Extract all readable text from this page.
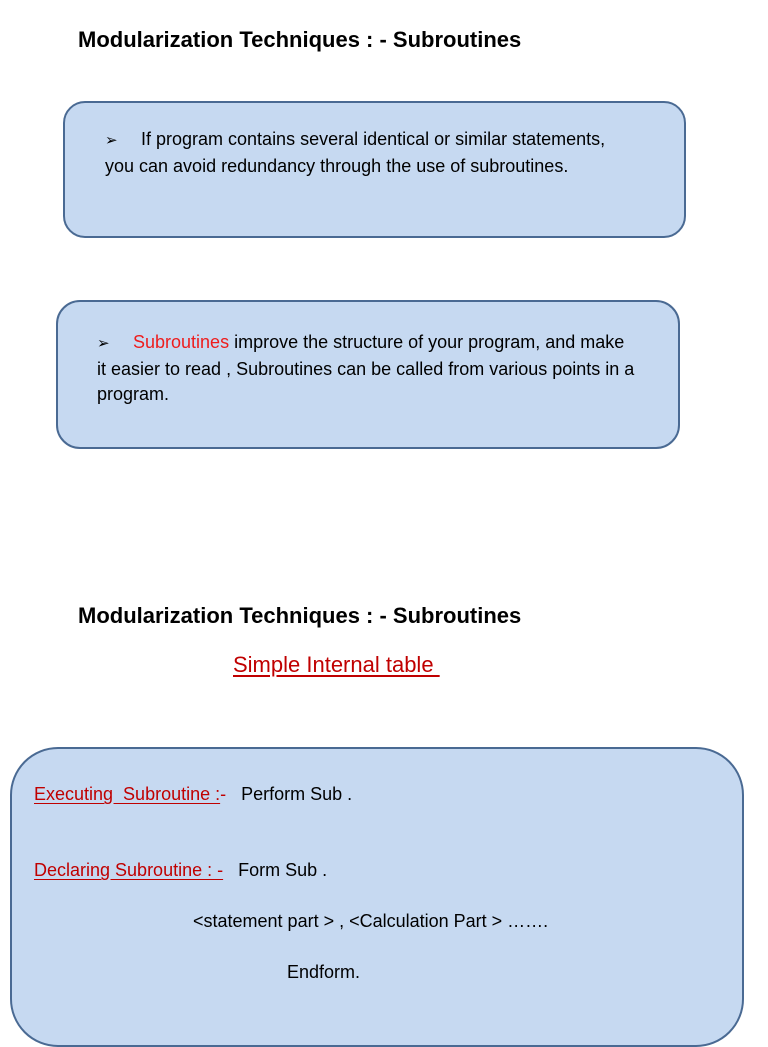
Modularization Techniques : - Subroutines

➢ If program contains several identical or similar statements, you can avoid redundancy through the use of subroutines.

➢ Subroutines improve the structure of your program, and make it easier to read , Subroutines can be called from various points in a program.

Modularization Techniques : - Subroutines

Simple Internal table

Executing  Subroutine :-   Perform Sub .

Declaring Subroutine : -   Form Sub .

<statement part > , <Calculation Part > …….

Endform.
